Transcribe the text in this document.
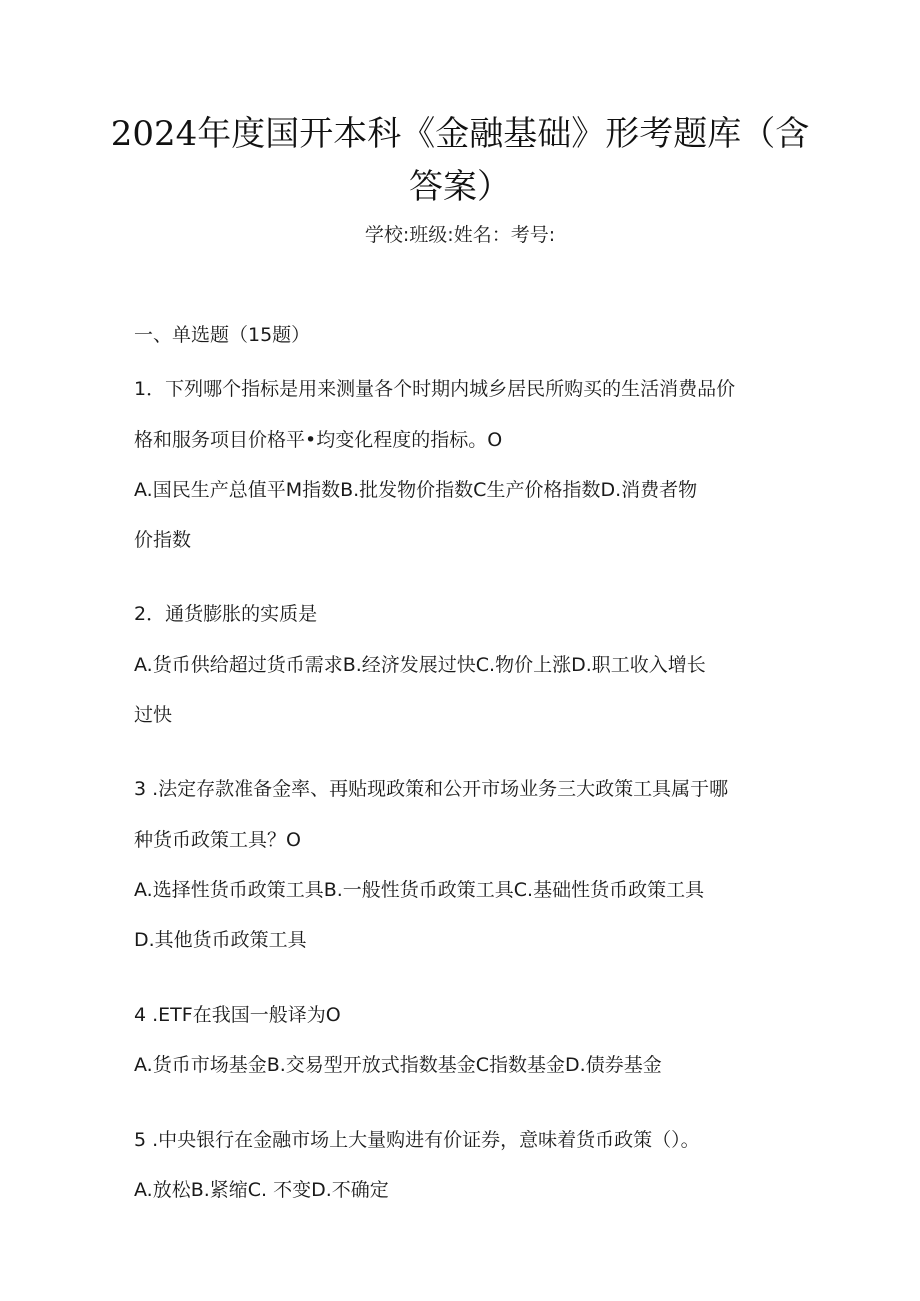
2024年度国开本科《金融基础》形考题库（含
答案）
学校:班级:姓名：考号:
一、单选题（15题）
1．下列哪个指标是用来测量各个时期内城乡居民所购买的生活消费品价
格和服务项目价格平•均变化程度的指标。O
A.国民生产总值平M指数B.批发物价指数C生产价格指数D.消费者物
价指数
2．通货膨胀的实质是
A.货币供给超过货币需求B.经济发展过快C.物价上涨D.职工收入增长
过快
3 .法定存款准备金率、再贴现政策和公开市场业务三大政策工具属于哪
种货币政策工具？O
A.选择性货币政策工具B.一般性货币政策工具C.基础性货币政策工具
D.其他货币政策工具
4 .ETF在我国一般译为O
A.货币市场基金B.交易型开放式指数基金C指数基金D.债券基金
5 .中央银行在金融市场上大量购进有价证券，意味着货币政策（）。
A.放松B.紧缩C. 不变D.不确定
